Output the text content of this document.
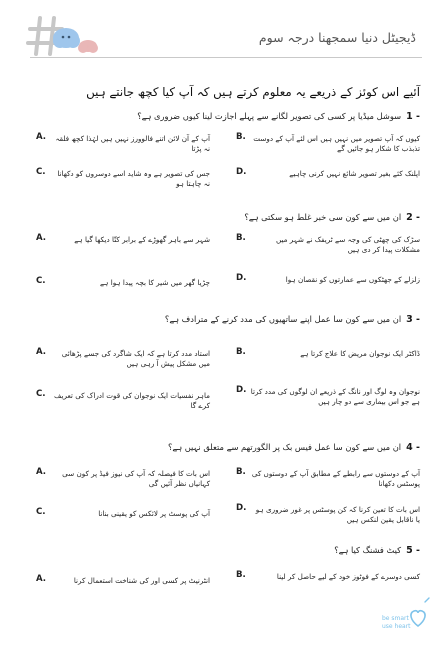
ڈیجیٹل دنیا سمجھنا درجہ سوم
آئیے اس کوئز کے ذریعے یہ معلوم کرتے ہیں کہ آپ کیا کچھ جانتے ہیں
1 -
سوشل میڈیا پر کسی کی تصویر لگانے سے پہلے اجازت لینا کیوں ضروری ہے؟
B.	کیوں کہ آپ تصویر میں نہیں ہیں اس لئے آپ کے دوست تذبذب کا شکار ہو جائیں گے
A.	آپ کے آن لائن اتنے فالوورز نہیں ہیں لہٰذا کچھ فلقہ نہ پڑتا
D.	اپلنک کئے بغیر تصویر شائع نہیں کرنی چاہیے
C.	جس کی تصویر ہے وہ شاید اسے دوسروں کو دکھانا نہ چاہتا ہو
2 -
ان میں سے کون سی خبر غلط ہو سکتی ہے؟
B.	سڑک کی چھٹی کی وجہ سے ٹریفک نے شہر میں مشکلات پیدا کر دی ہیں
A.	شہر سے باہر گھوڑے کے برابر کتّا دیکھا گیا ہے
D.	زلزلے کے جھٹکوں سے عمارتوں کو نقصان ہوا
C.	چڑیا گھر میں شیر کا بچہ پیدا ہوا ہے
3 -
ان میں سے کون سا عمل اپنے ساتھیوں کی مدد کرنے کے مترادف ہے؟
B.	ڈاکٹر ایک نوجوان مریض کا علاج کرتا ہے
A.	استاد مدد کرتا ہے کہ ایک شاگرد کی جسے پڑھائی میں مشکل پیش آ رہی ہیں
D. نوجوان وہ لوگ اور نانگ کے ذریعے ان لوگوں کی مدد کرتا ہے جو اس بیماری سے دو چار ہیں
C. ماہر نفسیات ایک نوجوان کی قوت ادراک کی تعریف کرے گا
4 -
ان میں سے کون سا عمل فیس بک پر الگورتھم سے متعلق نہیں ہے؟
B. آپ کے دوستوں سے رابطے کے مطابق آپ کے دوستوں کی پوسٹس دکھانا
A.	اس بات کا فیصلہ کہ آپ کی نیوز فیڈ پر کون سی کہانیاں نظر آئیں گی
D.	اس بات کا تعین کرنا کہ کن پوسٹس پر غور ضروری ہو یا ناقابل یقین لنکس ہیں
C.	آپ کی پوسٹ پر لائکس کو یقینی بنانا
5 -
کیٹ فشنگ کیا ہے؟
B.	کسی دوسرے کے فوٹوز خود کے لیے حاصل کر لینا
A.	انٹرنیٹ پر کسی اور کی شناخت استعمال کرنا
be smart
use heart
